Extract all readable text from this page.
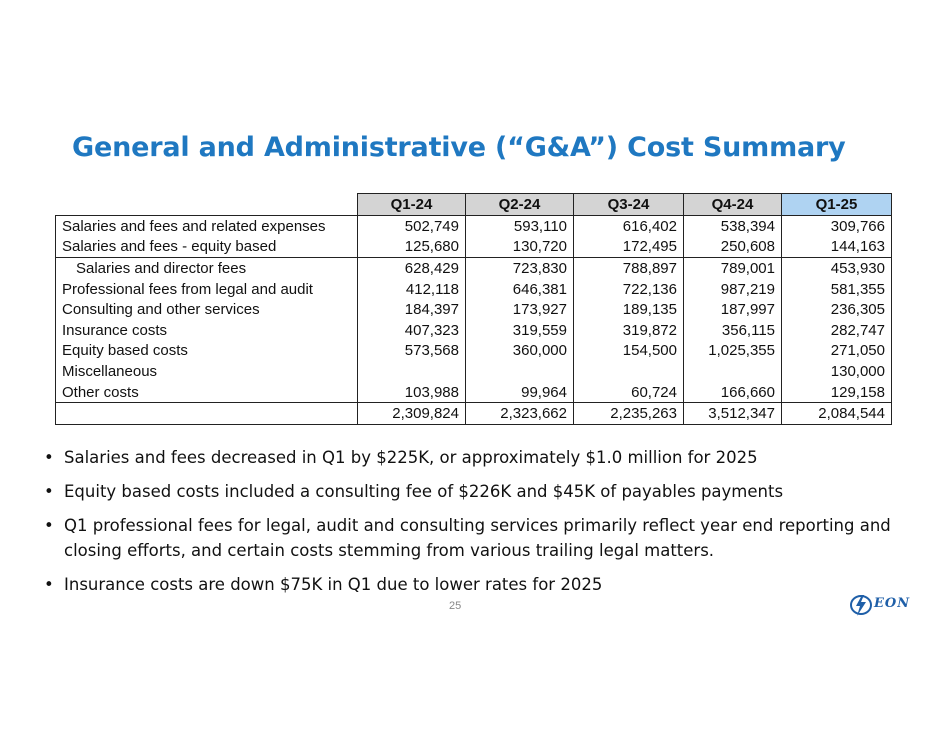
General and Administrative (“G&A”) Cost Summary
	Q1-24	Q2-24	Q3-24	Q4-24	Q1-25
Salaries and fees and related expenses	502,749	593,110	616,402	538,394	309,766
Salaries and fees - equity based	125,680	130,720	172,495	250,608	144,163
Salaries and director fees	628,429	723,830	788,897	789,001	453,930
Professional fees from legal and audit	412,118	646,381	722,136	987,219	581,355
Consulting and other services	184,397	173,927	189,135	187,997	236,305
Insurance costs	407,323	319,559	319,872	356,115	282,747
Equity based costs	573,568	360,000	154,500	1,025,355	271,050
Miscellaneous					130,000
Other costs	103,988	99,964	60,724	166,660	129,158
	2,309,824	2,323,662	2,235,263	3,512,347	2,084,544
• Salaries and fees decreased in Q1 by $225K, or approximately $1.0 million for 2025
• Equity based costs included a consulting fee of $226K and $45K of payables payments
• Q1 professional fees for legal, audit and consulting services primarily reflect year end reporting and closing efforts, and certain costs stemming from various trailing legal matters.
• Insurance costs are down $75K in Q1 due to lower rates for 2025
25	EON
